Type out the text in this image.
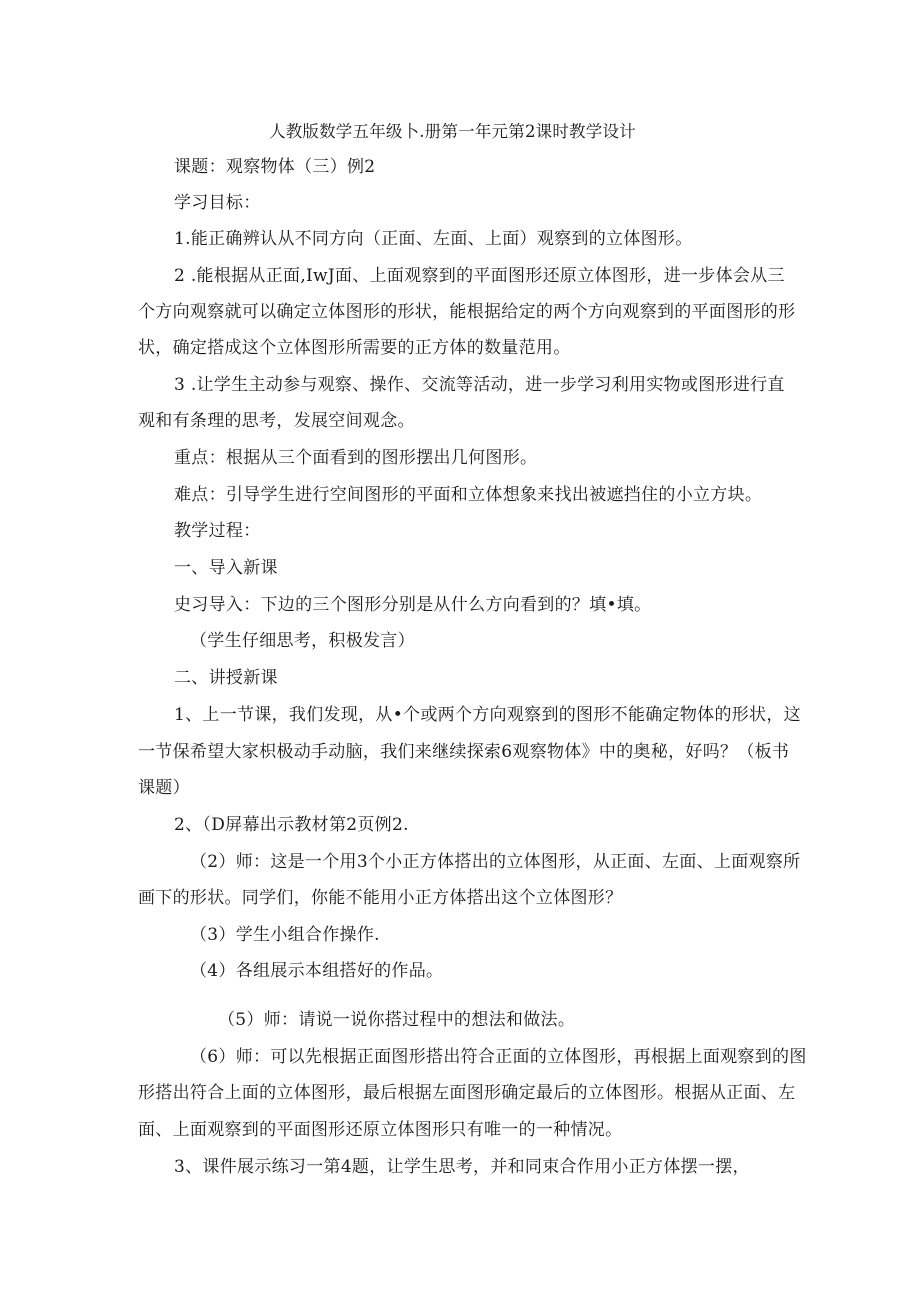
人教版数学五年级卜.册第一年元第2课时教学设计
课题：观察物体（三）例2
学习目标：
1.能正确辨认从不同方向（正面、左面、上面）观察到的立体图形。
2 .能根据从正面,IwJ面、上面观察到的平面图形还原立体图形，进一步体会从三
个方向观察就可以确定立体图形的形状，能根据给定的两个方向观察到的平面图形的形
状，确定搭成这个立体图形所需要的正方体的数量范用。
3 .让学生主动参与观察、操作、交流等活动，进一步学习利用实物或图形进行直
观和有条理的思考，发展空间观念。
重点：根据从三个面看到的图形摆出几何图形。
难点：引导学生进行空间图形的平面和立体想象来找出被遮挡住的小立方块。
教学过程：
一、导入新课
史习导入：下边的三个图形分别是从什么方向看到的？填•填。
（学生仔细思考，积极发言）
二、讲授新课
1、上一节课，我们发现，从•个或两个方向观察到的图形不能确定物体的形状，这
一节保希望大家枳极动手动脑，我们来继续探索6观察物体》中的奥秘，好吗？（板书
课题）
2、（D屏幕出示教材第2页例2.
（2）师：这是一个用3个小正方体搭出的立体图形，从正面、左面、上面观察所
画下的形状。同学们，你能不能用小正方体搭出这个立体图形？
（3）学生小组合作操作.
（4）各组展示本组搭好的作品。
（5）师：请说一说你搭过程中的想法和做法。
（6）师：可以先根据正面图形搭出符合正面的立体图形，再根据上面观察到的图
形搭出符合上面的立体图形，最后根据左面图形确定最后的立体图形。根据从正面、左
面、上面观察到的平面图形还原立体图形只有唯一的一种情况。
3、课件展示练习一第4题，让学生思考，并和同束合作用小正方体摆一摆，
